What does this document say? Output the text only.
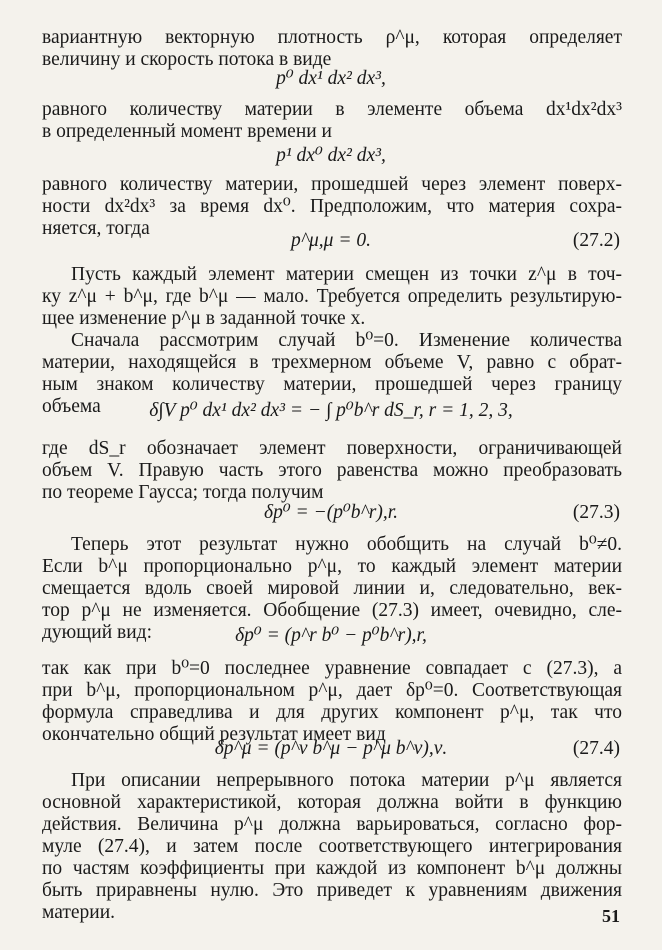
вариантную векторную плотность ρ^μ, которая определяет
величину и скорость потока в виде
p⁰ dx¹ dx² dx³,
равного количеству материи в элементе объема dx¹dx²dx³
в определенный момент времени и
p¹ dx⁰ dx² dx³,
равного количеству материи, прошедшей через элемент поверх-
ности dx²dx³ за время dx⁰. Предположим, что материя сохра-
няется, тогда
p^μ,μ = 0.	(27.2)
Пусть каждый элемент материи смещен из точки z^μ в точ-
ку z^μ + b^μ, где b^μ — мало. Требуется определить результирую-
щее изменение p^μ в заданной точке x.
Сначала рассмотрим случай b⁰=0. Изменение количества
материи, находящейся в трехмерном объеме V, равно с обрат-
ным знаком количеству материи, прошедшей через границу
объема	δ∫V p⁰ dx¹ dx² dx³ = − ∫ p⁰b^r dS_r, r = 1, 2, 3,
где dS_r обозначает элемент поверхности, ограничивающей
объем V. Правую часть этого равенства можно преобразовать
по теореме Гаусса; тогда получим
δp⁰ = −(p⁰b^r),r.	(27.3)
Теперь этот результат нужно обобщить на случай b⁰≠0.
Если b^μ пропорционально p^μ, то каждый элемент материи
смещается вдоль своей мировой линии и, следовательно, век-
тор p^μ не изменяется. Обобщение (27.3) имеет, очевидно, сле-
дующий вид:	δp⁰ = (p^r b⁰ − p⁰b^r),r,
так как при b⁰=0 последнее уравнение совпадает с (27.3), а
при b^μ, пропорциональном p^μ, дает δp⁰=0. Соответствующая
формула справедлива и для других компонент p^μ, так что
окончательно общий результат имеет вид
δp^μ = (p^ν b^μ − p^μ b^ν),ν.	(27.4)
При описании непрерывного потока материи p^μ является
основной характеристикой, которая должна войти в функцию
действия. Величина p^μ должна варьироваться, согласно фор-
муле (27.4), и затем после соответствующего интегрирования
по частям коэффициенты при каждой из компонент b^μ должны
быть приравнены нулю. Это приведет к уравнениям движения
материи.	51
